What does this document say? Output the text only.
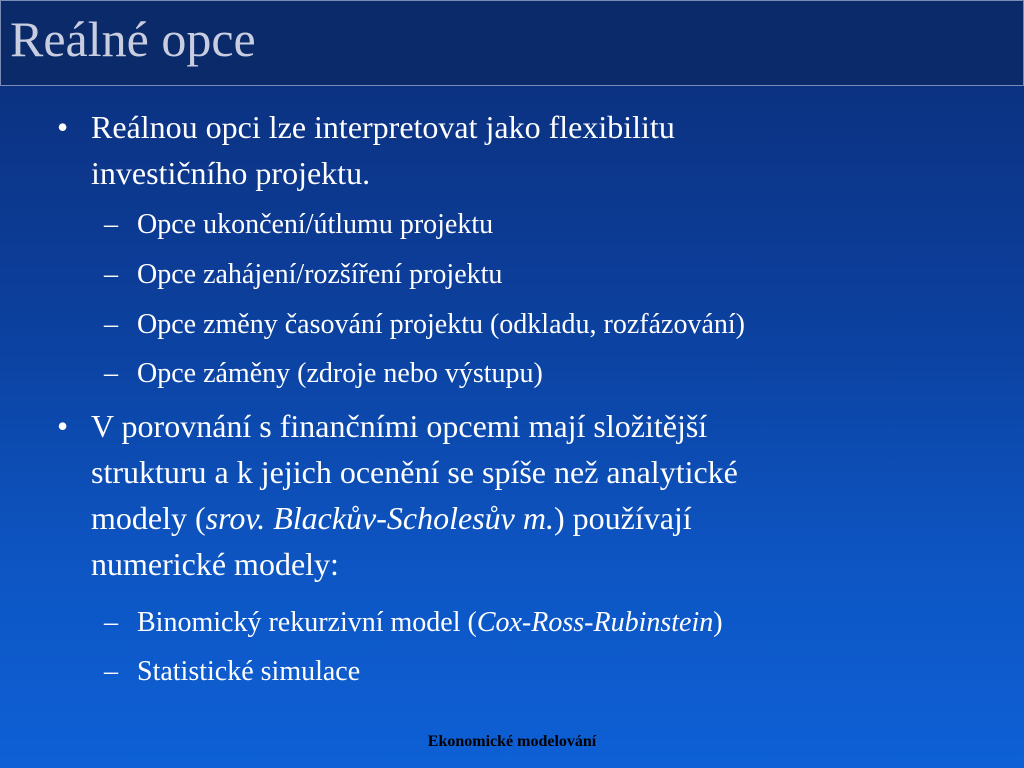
Reálné opce
• Reálnou opci lze interpretovat jako flexibilitu
investičního projektu.
– Opce ukončení/útlumu projektu
– Opce zahájení/rozšíření projektu
– Opce změny časování projektu (odkladu, rozfázování)
– Opce záměny (zdroje nebo výstupu)
• V porovnání s finančními opcemi mají složitější
strukturu a k jejich ocenění se spíše než analytické
modely (srov. Blackův-Scholesův m.) používají
numerické modely:
– Binomický rekurzivní model (Cox-Ross-Rubinstein)
– Statistické simulace
Ekonomické modelování
